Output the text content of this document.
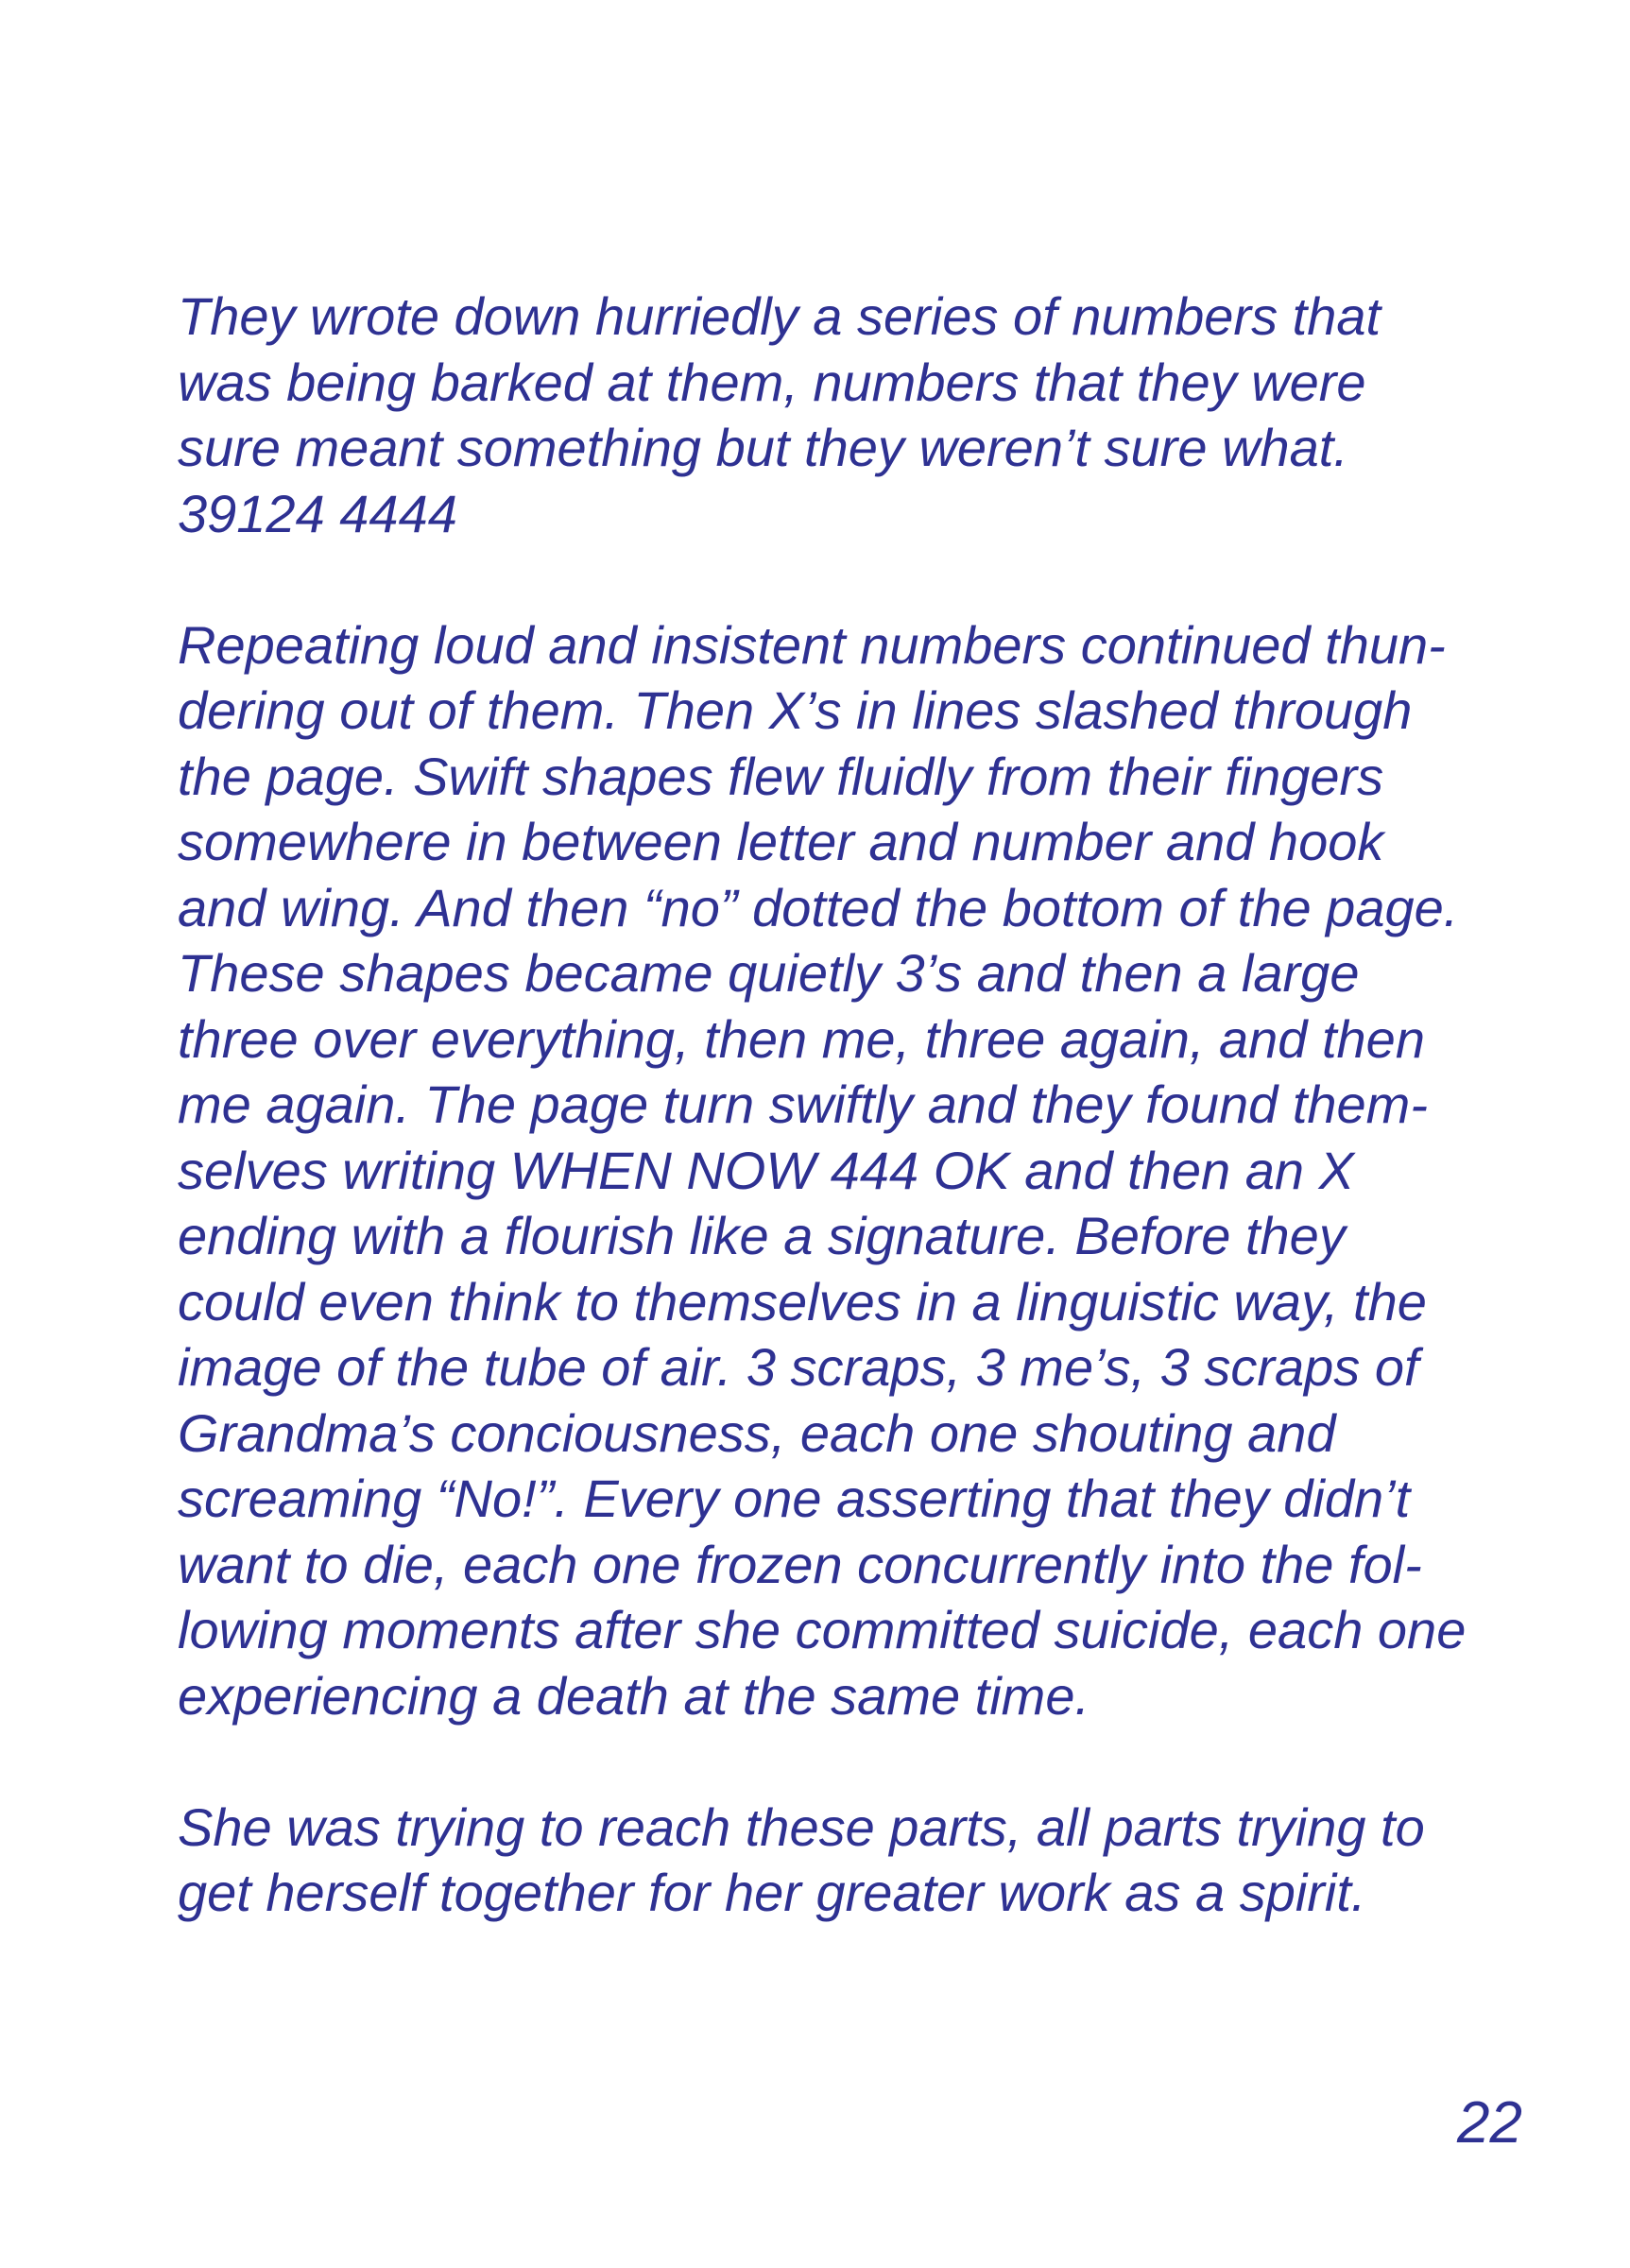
They wrote down hurriedly a series of numbers that
was being barked at them, numbers that they were
sure meant something but they weren’t sure what.
39124 4444
Repeating loud and insistent numbers continued thun-
dering out of them. Then X’s in lines slashed through
the page. Swift shapes flew fluidly from their fingers
somewhere in between letter and number and hook
and wing. And then “no” dotted the bottom of the page.
These shapes became quietly 3’s and then a large
three over everything, then me, three again, and then
me again. The page turn swiftly and they found them-
selves writing WHEN NOW 444 OK and then an X
ending with a flourish like a signature. Before they
could even think to themselves in a linguistic way, the
image of the tube of air. 3 scraps, 3 me’s, 3 scraps of
Grandma’s conciousness, each one shouting and
screaming “No!”. Every one asserting that they didn’t
want to die, each one frozen concurrently into the fol-
lowing moments after she committed suicide, each one
experiencing a death at the same time.
She was trying to reach these parts, all parts trying to
get herself together for her greater work as a spirit.
22
